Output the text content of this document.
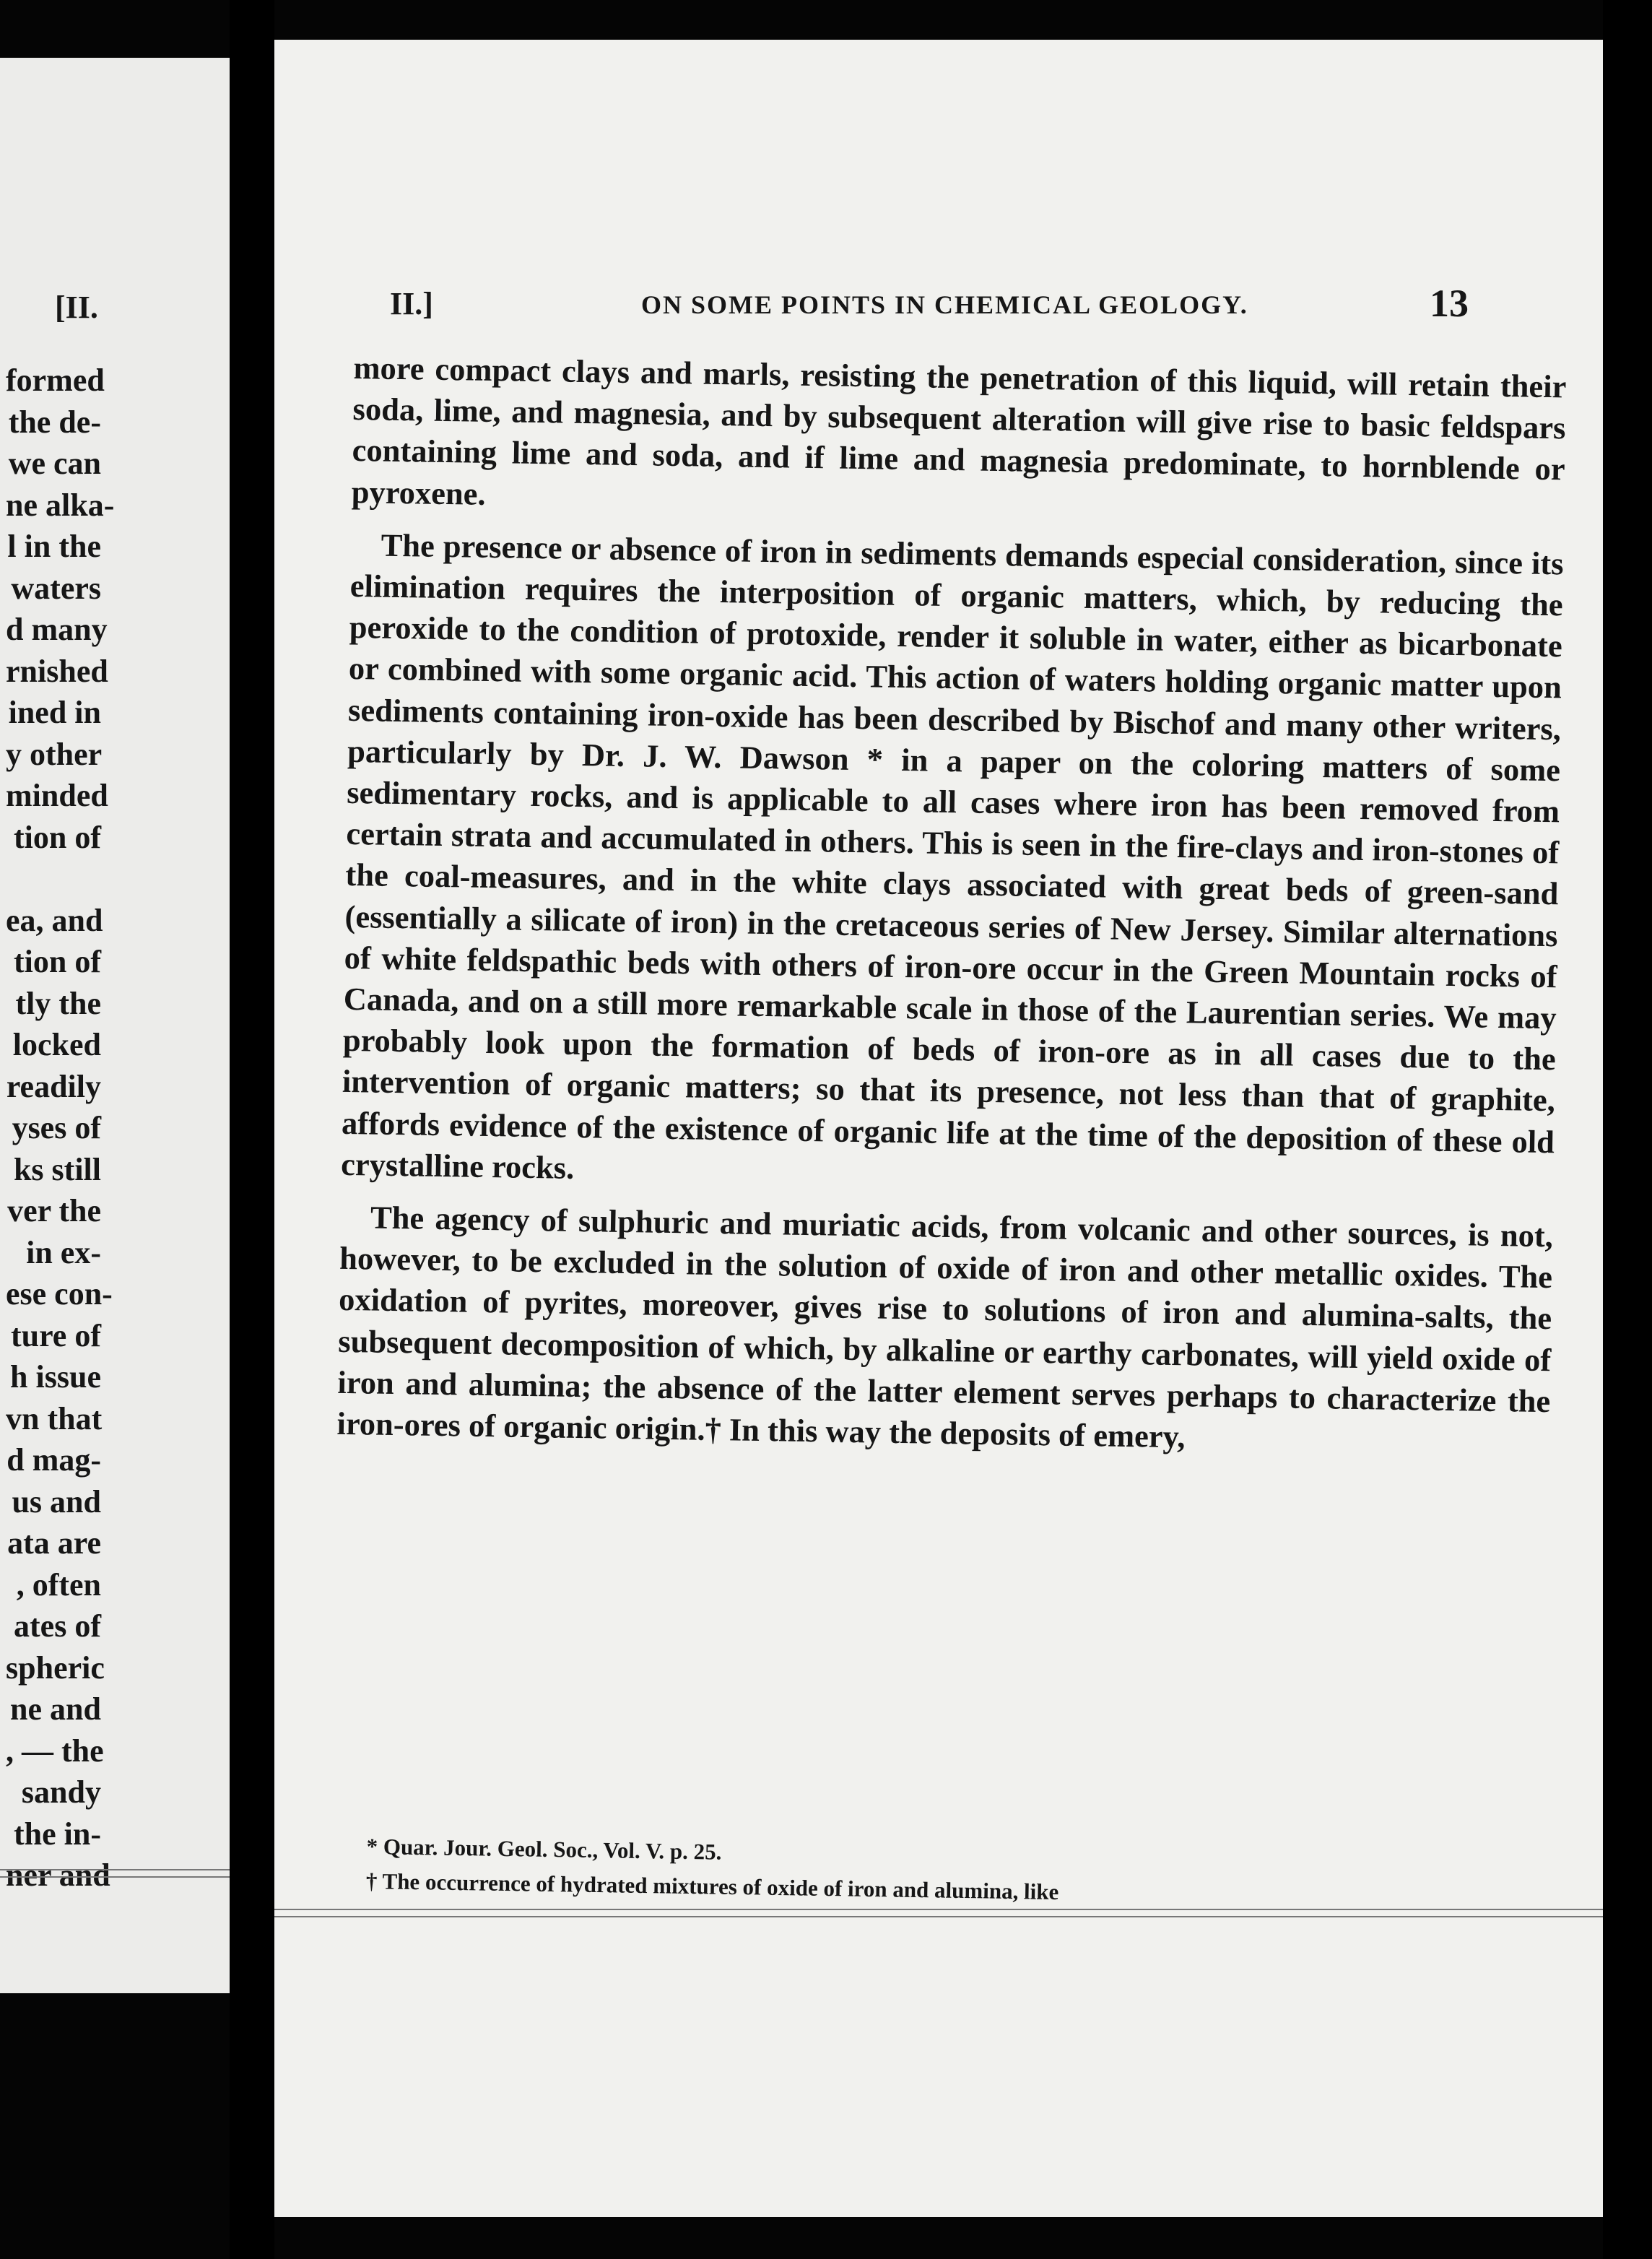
[II.
formed
the de-
we can
ne alka-
l in the
waters
d many
rnished
ined in
y other
minded
tion of
ea, and
tion of
tly the
locked
readily
yses of
ks still
ver the
in ex-
ese con-
ture of
h issue
vn that
d mag-
us and
ata are
, often
ates of
spheric
ne and
, — the
sandy
the in-
ner and
II.]	ON SOME POINTS IN CHEMICAL GEOLOGY.	13

more compact clays and marls, resisting the penetration of this liquid, will retain their soda, lime, and magnesia, and by subsequent alteration will give rise to basic feldspars containing lime and soda, and if lime and magnesia predominate, to hornblende or pyroxene.

The presence or absence of iron in sediments demands especial consideration, since its elimination requires the interposition of organic matters, which, by reducing the peroxide to the condition of protoxide, render it soluble in water, either as bicarbonate or combined with some organic acid. This action of waters holding organic matter upon sediments containing iron-oxide has been described by Bischof and many other writers, particularly by Dr. J. W. Dawson * in a paper on the coloring matters of some sedimentary rocks, and is applicable to all cases where iron has been removed from certain strata and accumulated in others. This is seen in the fire-clays and iron-stones of the coal-measures, and in the white clays associated with great beds of green-sand (essentially a silicate of iron) in the cretaceous series of New Jersey. Similar alternations of white feldspathic beds with others of iron-ore occur in the Green Mountain rocks of Canada, and on a still more remarkable scale in those of the Laurentian series. We may probably look upon the formation of beds of iron-ore as in all cases due to the intervention of organic matters; so that its presence, not less than that of graphite, affords evidence of the existence of organic life at the time of the deposition of these old crystalline rocks.

The agency of sulphuric and muriatic acids, from volcanic and other sources, is not, however, to be excluded in the solution of oxide of iron and other metallic oxides. The oxidation of pyrites, moreover, gives rise to solutions of iron and alumina-salts, the subsequent decomposition of which, by alkaline or earthy carbonates, will yield oxide of iron and alumina; the absence of the latter element serves perhaps to characterize the iron-ores of organic origin.† In this way the deposits of emery,

* Quar. Jour. Geol. Soc., Vol. V. p. 25.

† The occurrence of hydrated mixtures of oxide of iron and alumina, like
